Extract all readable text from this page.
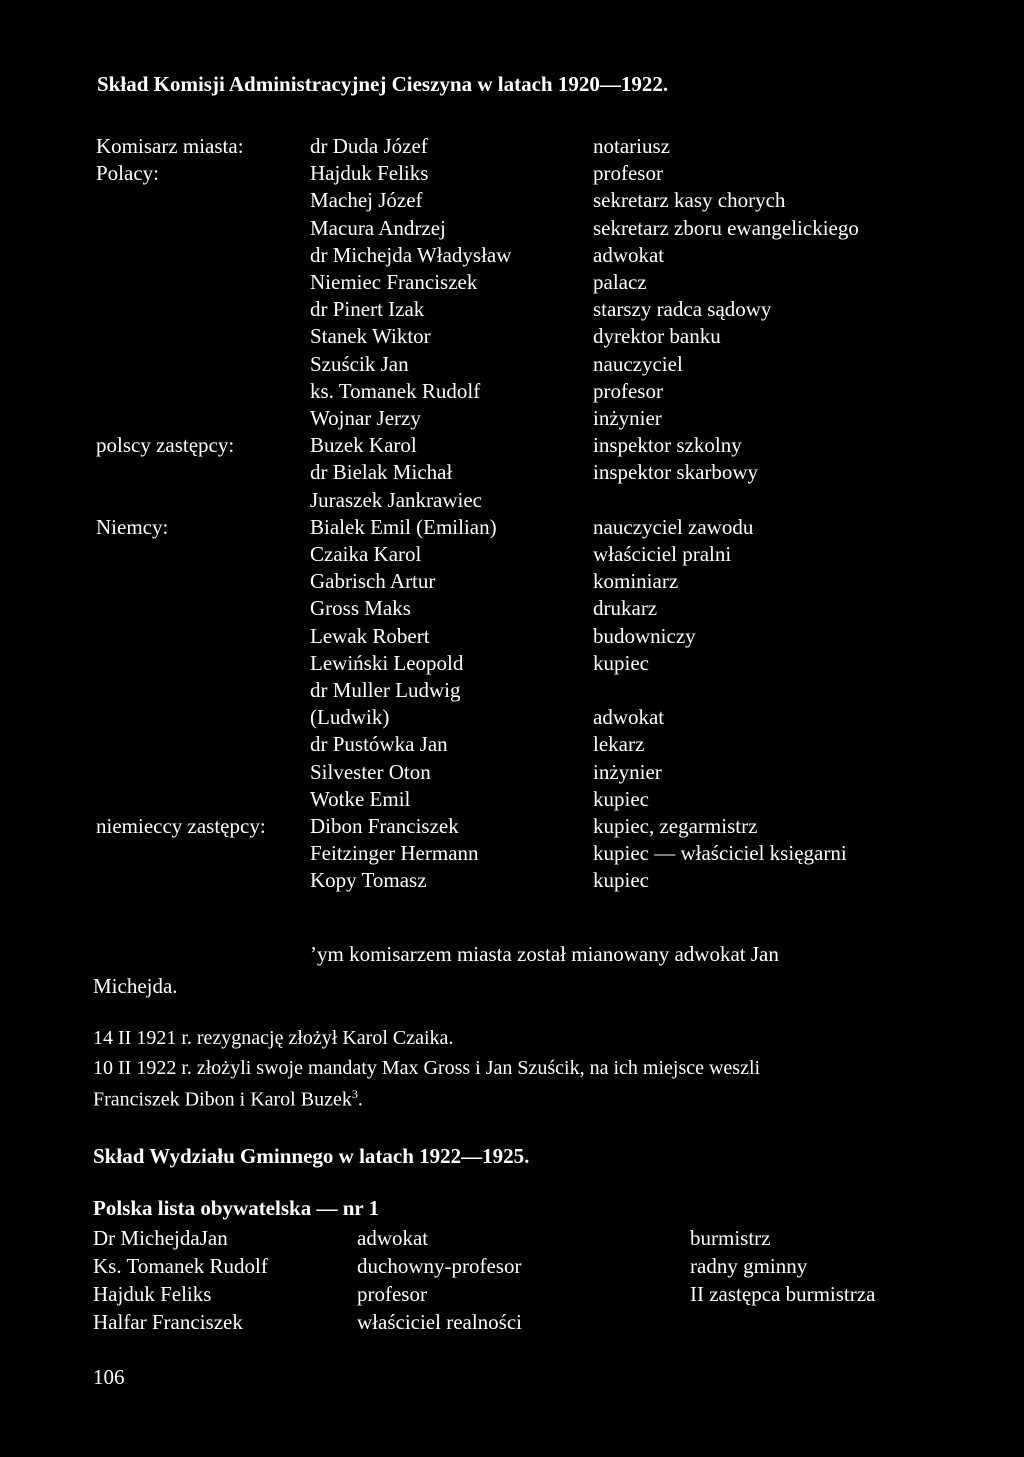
Skład Komisji Administracyjnej Cieszyna w latach 1920—1922.
Komisarz miasta:	dr Duda Józef	notariusz
Polacy:	Hajduk Feliks	profesor
Machej Józef	sekretarz kasy chorych
Macura Andrzej	sekretarz zboru ewangelickiego
dr Michejda Władysław	adwokat
Niemiec Franciszek	palacz
dr Pinert Izak	starszy radca sądowy
Stanek Wiktor	dyrektor banku
Szuścik Jan	nauczyciel
ks. Tomanek Rudolf	profesor
Wojnar Jerzy	inżynier
polscy zastępcy:	Buzek Karol	inspektor szkolny
dr Bielak Michał	inspektor skarbowy
Juraszek Jankrawiec
Niemcy:	Bialek Emil (Emilian)	nauczyciel zawodu
Czaika Karol	właściciel pralni
Gabrisch Artur	kominiarz
Gross Maks	drukarz
Lewak Robert	budowniczy
Lewiński Leopold	kupiec
dr Muller Ludwig
(Ludwik)	adwokat
dr Pustówka Jan	lekarz
Silvester Oton	inżynier
Wotke Emil	kupiec
niemieccy zastępcy: Dibon Franciszek	kupiec, zegarmistrz
Feitzinger Hermann	kupiec — właściciel księgarni
Kopy Tomasz	kupiec
ʼym komisarzem miasta został mianowany adwokat Jan
Michejda.
14 II 1921 r. rezygnację złożył Karol Czaika.
10 II 1922 r. złożyli swoje mandaty Max Gross i Jan Szuścik, na ich miejsce weszli
Franciszek Dibon i Karol Buzek$^3$.
Skład Wydziału Gminnego w latach 1922—1925.
Polska lista obywatelska — nr 1
Dr MichejdaJan	adwokat	burmistrz
Ks. Tomanek Rudolf	duchowny-profesor	radny gminny
Hajduk Feliks	profesor	II zastępca burmistrza
Halfar Franciszek	właściciel realności
106
